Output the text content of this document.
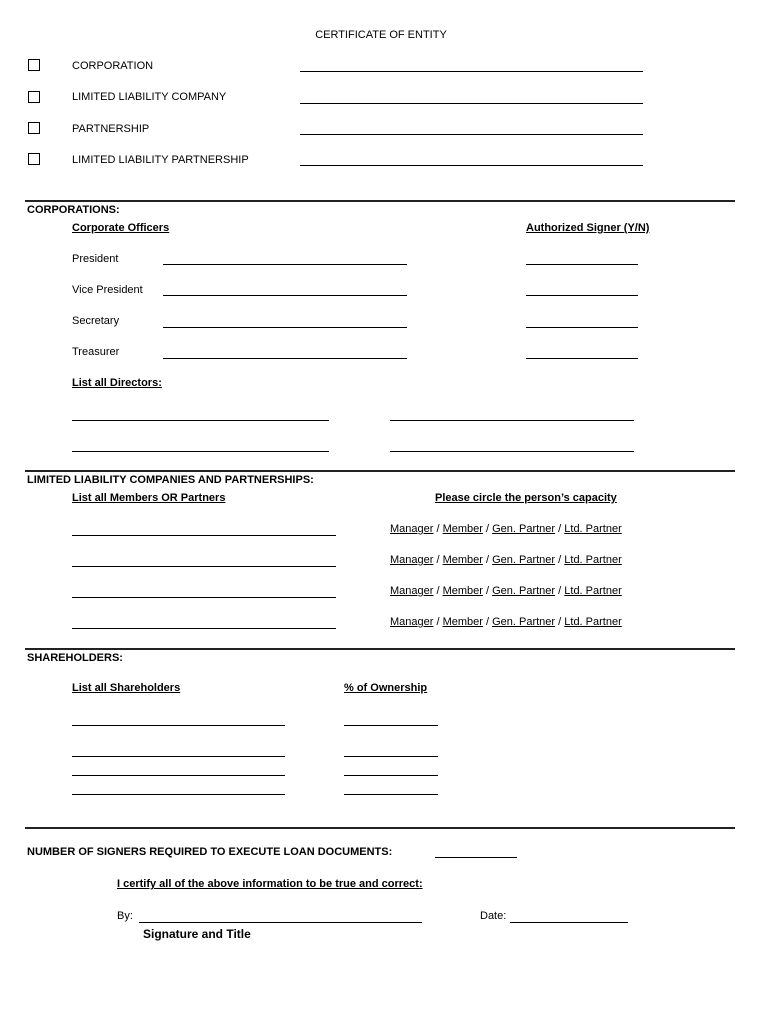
CERTIFICATE OF ENTITY
CORPORATION
LIMITED LIABILITY COMPANY
PARTNERSHIP
LIMITED LIABILITY PARTNERSHIP
CORPORATIONS:
Corporate Officers	Authorized Signer (Y/N)
President
Vice President
Secretary
Treasurer
List all Directors:
LIMITED LIABILITY COMPANIES AND PARTNERSHIPS:
List all Members OR Partners	Please circle the person’s capacity
Manager / Member / Gen. Partner / Ltd. Partner
Manager / Member / Gen. Partner / Ltd. Partner
Manager / Member / Gen. Partner / Ltd. Partner
Manager / Member / Gen. Partner / Ltd. Partner
SHAREHOLDERS:
List all Shareholders	% of Ownership
NUMBER OF SIGNERS REQUIRED TO EXECUTE LOAN DOCUMENTS:
I certify all of the above information to be true and correct:
By:	Date:
Signature and Title
